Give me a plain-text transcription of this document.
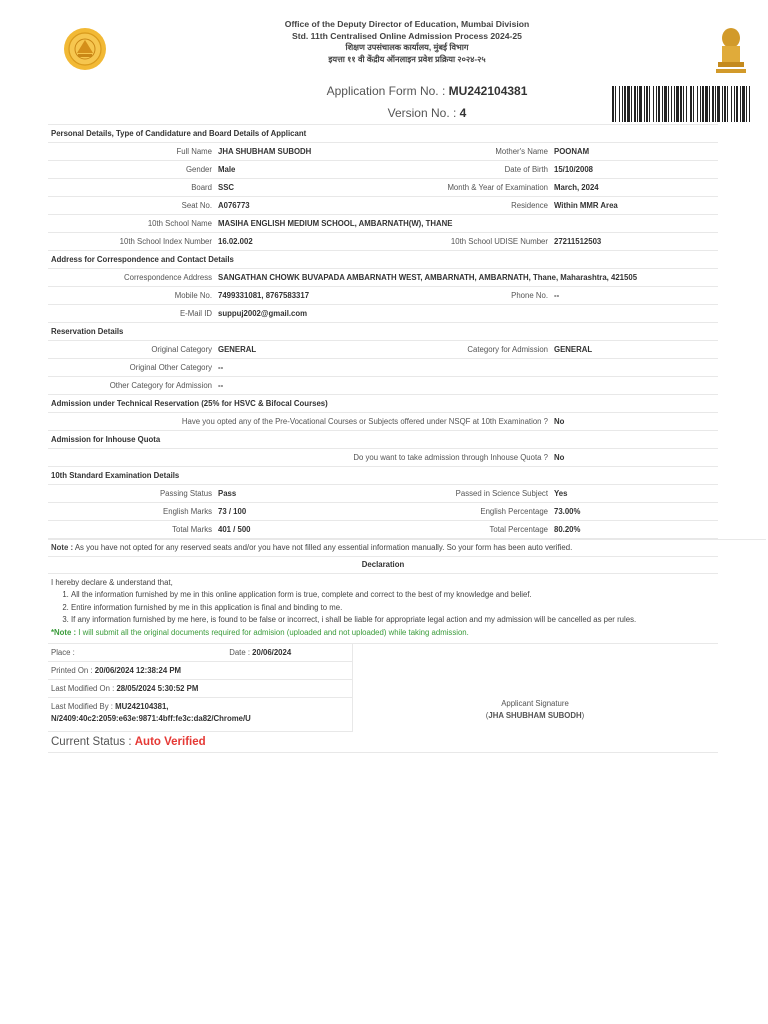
Office of the Deputy Director of Education, Mumbai Division
Std. 11th Centralised Online Admission Process 2024-25
शिक्षण उपसंचालक कार्यालय, मुंबई विभाग
इयत्ता ११ वी केंद्रीय ऑनलाइन प्रवेश प्रक्रिया २०२४-२५
Application Form No. : MU242104381
Version No. : 4
Personal Details, Type of Candidature and Board Details of Applicant			
Full Name	JHA SHUBHAM SUBODH	Mother's Name	POONAM
Gender	Male	Date of Birth	15/10/2008
Board	SSC	Month & Year of Examination	March, 2024
Seat No.	A076773	Residence	Within MMR Area
10th School Name	MASIHA ENGLISH MEDIUM SCHOOL, AMBARNATH(W), THANE		
10th School Index Number	16.02.002	10th School UDISE Number	27211512503
Address for Correspondence and Contact Details			
Correspondence Address	SANGATHAN CHOWK BUVAPADA AMBARNATH WEST, AMBARNATH, AMBARNATH, Thane, Maharashtra, 421505		
Mobile No.	7499331081, 8767583317	Phone No.	--
E-Mail ID	suppuj2002@gmail.com		
Reservation Details			
Original Category	GENERAL	Category for Admission	GENERAL
Original Other Category	--		
Other Category for Admission	--		
Admission under Technical Reservation (25% for HSVC & Bifocal Courses)			
Have you opted any of the Pre-Vocational Courses or Subjects offered under NSQF at 10th Examination ?			No
Admission for Inhouse Quota			
Do you want to take admission through Inhouse Quota ?			No
10th Standard Examination Details			
Passing Status	Pass	Passed in Science Subject	Yes
English Marks	73 / 100	English Percentage	73.00%
Total Marks	401 / 500	Total Percentage	80.20%
Note : As you have not opted for any reserved seats and/or you have not filled any essential information manually. So your form has been auto verified.
Declaration
I hereby declare & understand that,
1. All the information furnished by me in this online application form is true, complete and correct to the best of my knowledge and belief.
2. Entire information furnished by me in this application is final and binding to me.
3. If any information furnished by me here, is found to be false or incorrect, i shall be liable for appropriate legal action and my admission will be cancelled as per rules.
*Note : I will submit all the original documents required for admision (uploaded and not uploaded) while taking admission.
Place :	Date : 20/06/2024
Printed On : 20/06/2024 12:38:24 PM
Last Modified On : 28/05/2024 5:30:52 PM
Last Modified By : MU242104381,
N/2409:40c2:2059:e63e:9871:4bff:fe3c:da82/Chrome/U
Applicant Signature
(JHA SHUBHAM SUBODH)
Current Status : Auto Verified
